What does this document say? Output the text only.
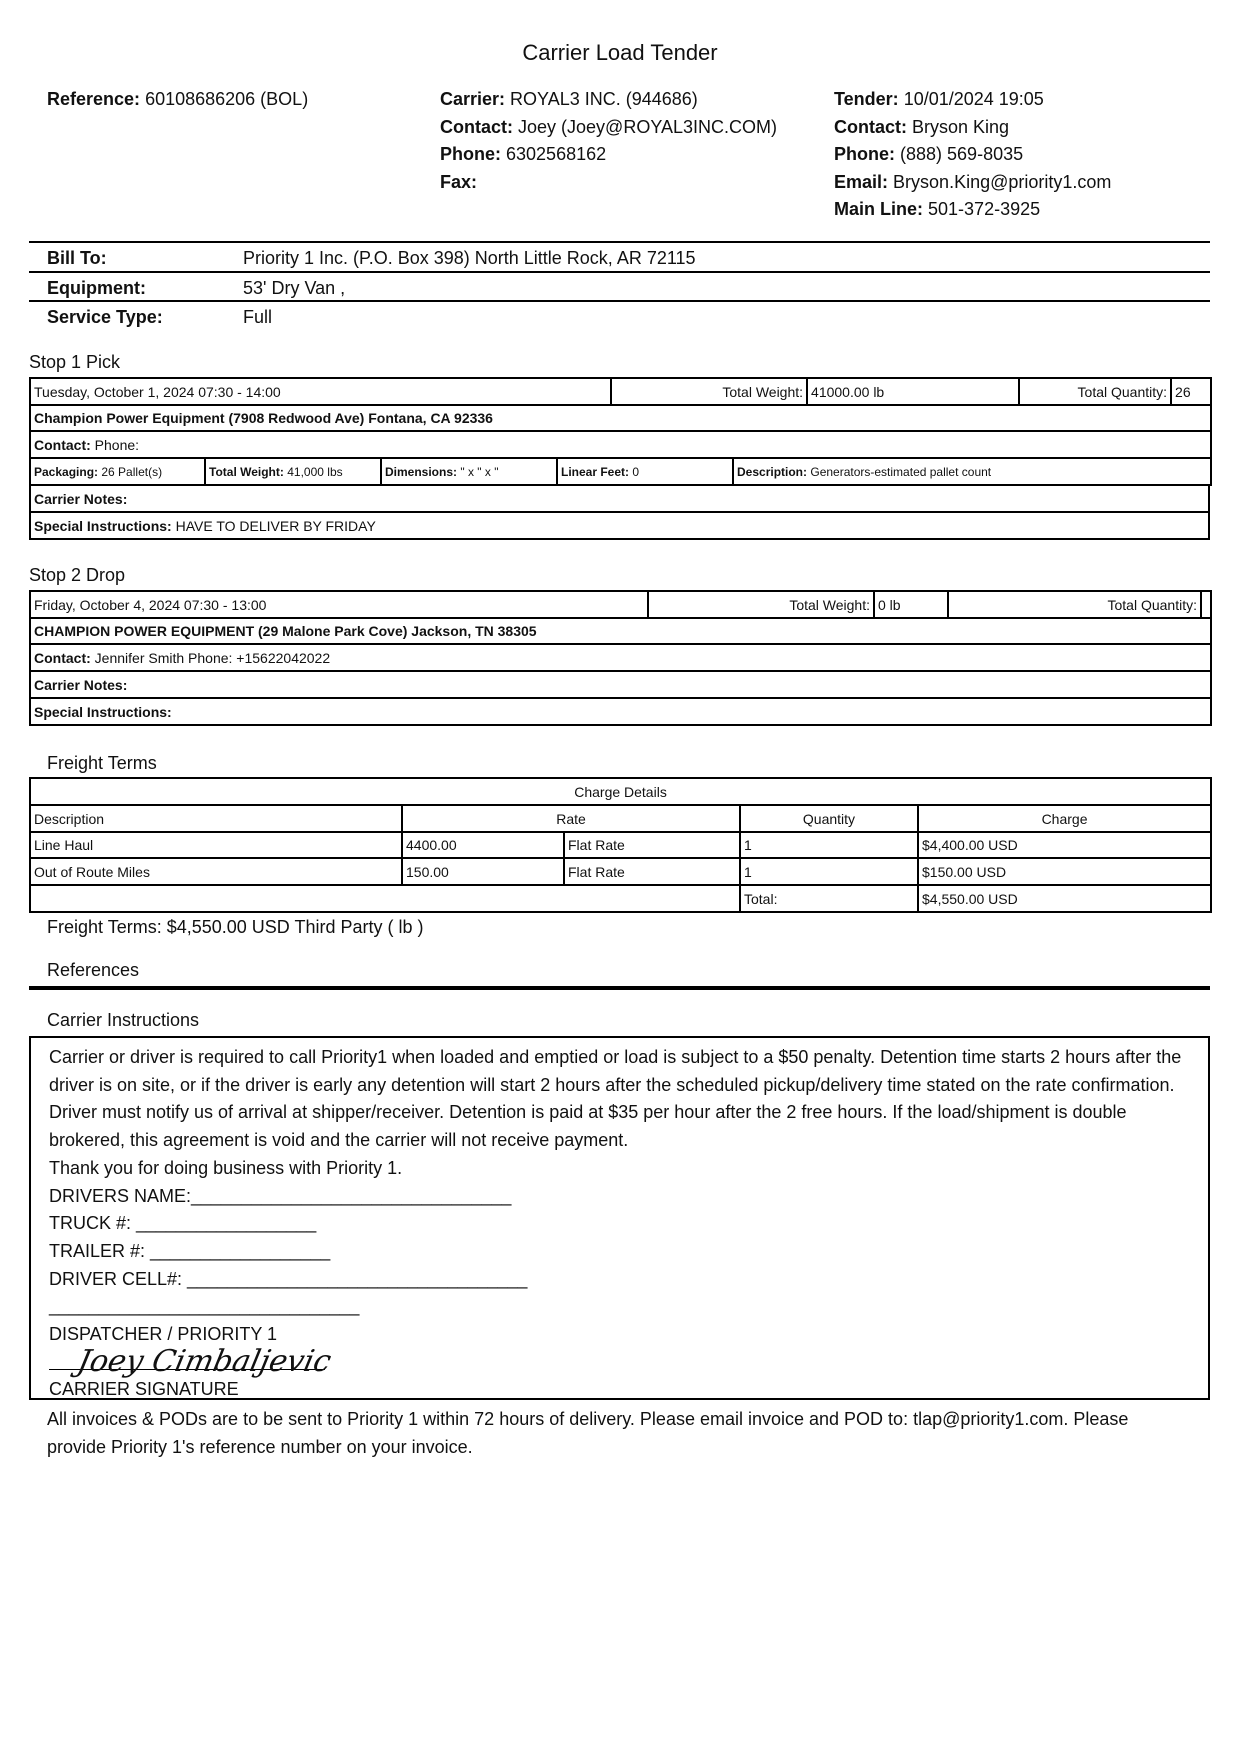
Carrier Load Tender
Reference: 60108686206 (BOL)	Carrier: ROYAL3 INC. (944686)
Contact: Joey (Joey@ROYAL3INC.COM)
Phone: 6302568162
Fax:
Tender: 10/01/2024 19:05
Contact: Bryson King
Phone: (888) 569-8035
Email: Bryson.King@priority1.com
Main Line: 501-372-3925
Bill To:	Priority 1 Inc. (P.O. Box 398) North Little Rock, AR 72115
Equipment:	53' Dry Van ,
Service Type:	Full
Stop 1 Pick
Tuesday, October 1, 2024 07:30 - 14:00	Total Weight:	41000.00 lb	Total Quantity:	26
Champion Power Equipment (7908 Redwood Ave) Fontana, CA 92336
Contact: Phone:
Packaging: 26 Pallet(s)	Total Weight: 41,000 lbs	Dimensions: " x " x "	Linear Feet: 0	Description: Generators-estimated pallet count
Carrier Notes:
Special Instructions: HAVE TO DELIVER BY FRIDAY
Stop 2 Drop
Friday, October 4, 2024 07:30 - 13:00	Total Weight:	0 lb	Total Quantity:	
CHAMPION POWER EQUIPMENT (29 Malone Park Cove) Jackson, TN 38305
Contact: Jennifer Smith Phone: +15622042022
Carrier Notes:
Special Instructions:
Freight Terms
Charge Details				
Description	Rate		Quantity	Charge
Line Haul	4400.00	Flat Rate	1	$4,400.00 USD
Out of Route Miles	150.00	Flat Rate	1	$150.00 USD
			Total:	$4,550.00 USD
Freight Terms: $4,550.00 USD Third Party ( lb )
References
Carrier Instructions

Carrier or driver is required to call Priority1 when loaded and emptied or load is subject to a $50 penalty. Detention time starts 2 hours after the driver is on site, or if the driver is early any detention will start 2 hours after the scheduled pickup/delivery time stated on the rate confirmation. Driver must notify us of arrival at shipper/receiver. Detention is paid at $35 per hour after the 2 free hours. If the load/shipment is double brokered, this agreement is void and the carrier will not receive payment.

Thank you for doing business with Priority 1.

DRIVERS NAME:________________________________

TRUCK #: __________________

TRAILER #: __________________

DRIVER CELL#: __________________________________

_______________________________

DISPATCHER / PRIORITY 1

Joey Cimbaljevic

CARRIER SIGNATURE

All invoices & PODs are to be sent to Priority 1 within 72 hours of delivery. Please email invoice and POD to: tlap@priority1.com. Please provide Priority 1's reference number on your invoice.
